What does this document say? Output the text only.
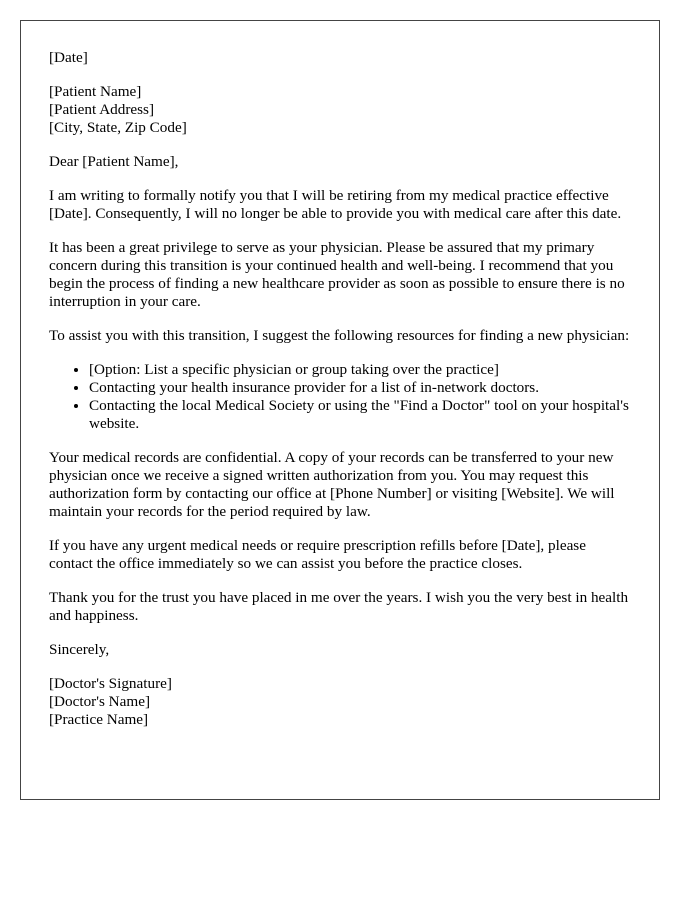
[Date]

[Patient Name]
[Patient Address]
[City, State, Zip Code]

Dear [Patient Name],

I am writing to formally notify you that I will be retiring from my medical practice effective [Date]. Consequently, I will no longer be able to provide you with medical care after this date.

It has been a great privilege to serve as your physician. Please be assured that my primary concern during this transition is your continued health and well-being. I recommend that you begin the process of finding a new healthcare provider as soon as possible to ensure there is no interruption in your care.

To assist you with this transition, I suggest the following resources for finding a new physician:

• [Option: List a specific physician or group taking over the practice]
• Contacting your health insurance provider for a list of in-network doctors.
• Contacting the local Medical Society or using the "Find a Doctor" tool on your hospital's website.

Your medical records are confidential. A copy of your records can be transferred to your new physician once we receive a signed written authorization from you. You may request this authorization form by contacting our office at [Phone Number] or visiting [Website]. We will maintain your records for the period required by law.

If you have any urgent medical needs or require prescription refills before [Date], please contact the office immediately so we can assist you before the practice closes.

Thank you for the trust you have placed in me over the years. I wish you the very best in health and happiness.

Sincerely,

[Doctor's Signature]
[Doctor's Name]
[Practice Name]
